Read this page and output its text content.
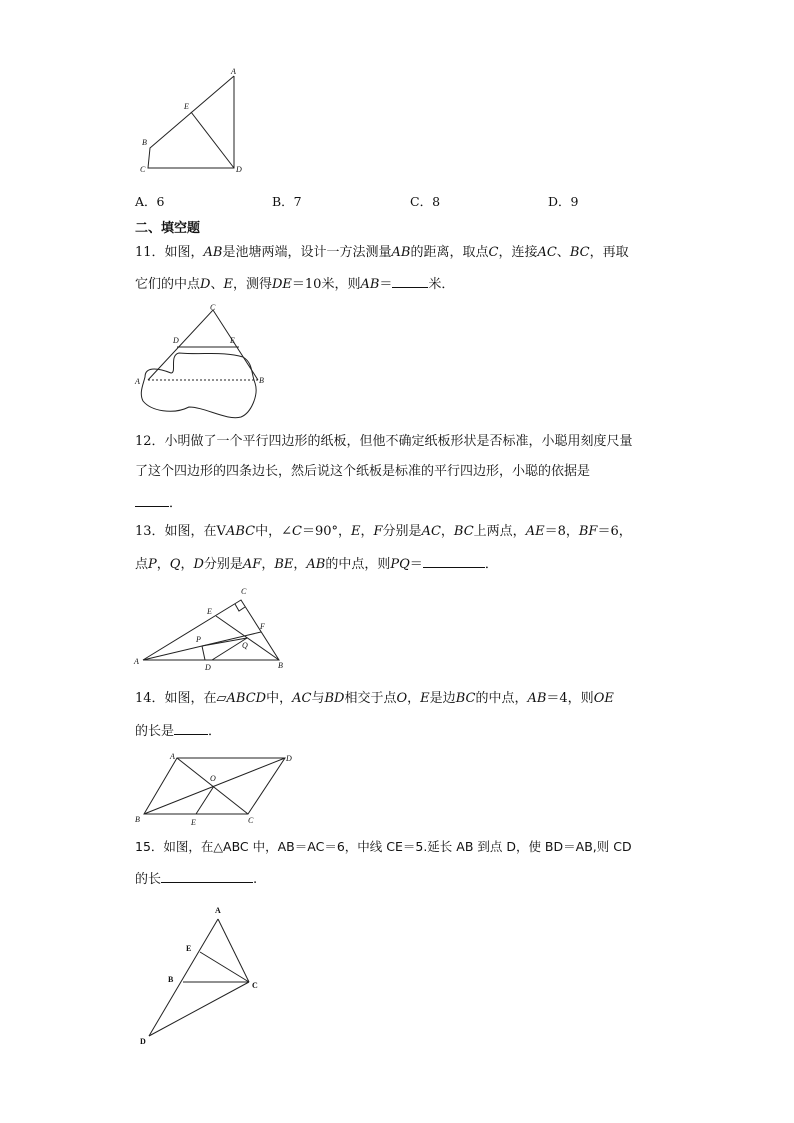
A
B
C	D
E
A．6	B．7	C．8	D．9
二、填空题
11．如图，AB是池塘两端，设计一方法测量AB的距离，取点C，连接AC、BC，再取
它们的中点D、E，测得DE＝10米，则AB＝	米．
C
D	E
A	B
12．小明做了一个平行四边形的纸板，但他不确定纸板形状是否标准，小聪用刻度尺量
了这个四边形的四条边长，然后说这个纸板是标准的平行四边形，小聪的依据是
．
13．如图，在VABC中，∠C＝90°，E，F分别是AC，BC上两点，AE＝8，BF＝6，
点P，Q，D分别是AF，BE，AB的中点，则PQ＝	．
C
E
F
P
Q
A
D	B
14．如图，在▱ABCD中，AC与BD相交于点O，E是边BC的中点，AB＝4，则OE
的长是	．
A	D
O
B	E	C
15．如图，在△ABC 中，AB＝AC＝6，中线 CE＝5.延长 AB 到点 D，使 BD＝AB,则 CD
的长	.
A
E
B
C
D
